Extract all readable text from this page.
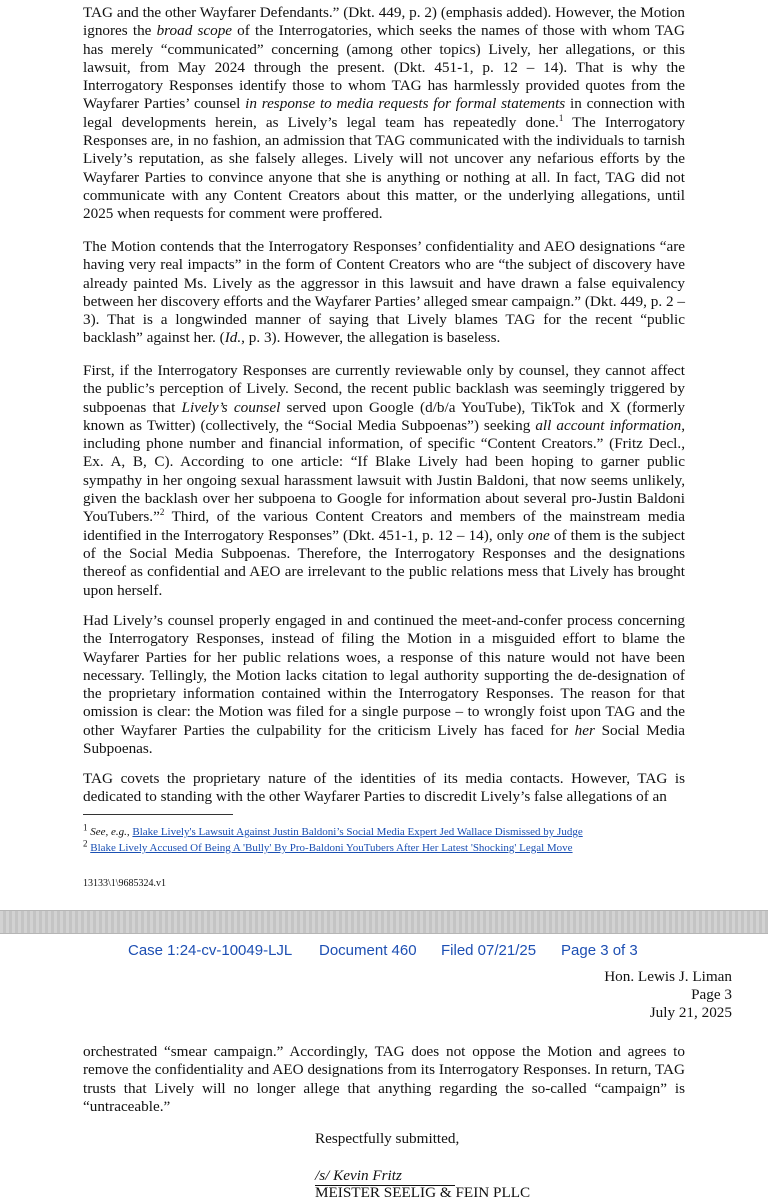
TAG and the other Wayfarer Defendants.” (Dkt. 449, p. 2) (emphasis added). However, the Motion ignores the broad scope of the Interrogatories, which seeks the names of those with whom TAG has merely “communicated” concerning (among other topics) Lively, her allegations, or this lawsuit, from May 2024 through the present. (Dkt. 451-1, p. 12 – 14). That is why the Interrogatory Responses identify those to whom TAG has harmlessly provided quotes from the Wayfarer Parties’ counsel in response to media requests for formal statements in connection with legal developments herein, as Lively’s legal team has repeatedly done.$^1$ The Interrogatory Responses are, in no fashion, an admission that TAG communicated with the individuals to tarnish Lively’s reputation, as she falsely alleges. Lively will not uncover any nefarious efforts by the Wayfarer Parties to convince anyone that she is anything or nothing at all. In fact, TAG did not communicate with any Content Creators about this matter, or the underlying allegations, until 2025 when requests for comment were proffered.

The Motion contends that the Interrogatory Responses’ confidentiality and AEO designations “are having very real impacts” in the form of Content Creators who are “the subject of discovery have already painted Ms. Lively as the aggressor in this lawsuit and have drawn a false equivalency between her discovery efforts and the Wayfarer Parties’ alleged smear campaign.” (Dkt. 449, p. 2 – 3). That is a longwinded manner of saying that Lively blames TAG for the recent “public backlash” against her. (Id., p. 3). However, the allegation is baseless.

First, if the Interrogatory Responses are currently reviewable only by counsel, they cannot affect the public’s perception of Lively. Second, the recent public backlash was seemingly triggered by subpoenas that Lively’s counsel served upon Google (d/b/a YouTube), TikTok and X (formerly known as Twitter) (collectively, the “Social Media Subpoenas”) seeking all account information, including phone number and financial information, of specific “Content Creators.” (Fritz Decl., Ex. A, B, C). According to one article: “If Blake Lively had been hoping to garner public sympathy in her ongoing sexual harassment lawsuit with Justin Baldoni, that now seems unlikely, given the backlash over her subpoena to Google for information about several pro-Justin Baldoni YouTubers.”$^2$ Third, of the various Content Creators and members of the mainstream media identified in the Interrogatory Responses” (Dkt. 451-1, p. 12 – 14), only one of them is the subject of the Social Media Subpoenas. Therefore, the Interrogatory Responses and the designations thereof as confidential and AEO are irrelevant to the public relations mess that Lively has brought upon herself.

Had Lively’s counsel properly engaged in and continued the meet-and-confer process concerning the Interrogatory Responses, instead of filing the Motion in a misguided effort to blame the Wayfarer Parties for her public relations woes, a response of this nature would not have been necessary. Tellingly, the Motion lacks citation to legal authority supporting the de-designation of the proprietary information contained within the Interrogatory Responses. The reason for that omission is clear: the Motion was filed for a single purpose – to wrongly foist upon TAG and the other Wayfarer Parties the culpability for the criticism Lively has faced for her Social Media Subpoenas.

TAG covets the proprietary nature of the identities of its media contacts. However, TAG is dedicated to standing with the other Wayfarer Parties to discredit Lively’s false allegations of an

$^1$ See, e.g., Blake Lively's Lawsuit Against Justin Baldoni’s Social Media Expert Jed Wallace Dismissed by Judge
$^2$ Blake Lively Accused Of Being A 'Bully' By Pro-Baldoni YouTubers After Her Latest 'Shocking' Legal Move
13133\1\9685324.v1
Case 1:24-cv-10049-LJL Document 460 Filed 07/21/25 Page 3 of 3
Hon. Lewis J. Liman
Page 3
July 21, 2025

orchestrated “smear campaign.” Accordingly, TAG does not oppose the Motion and agrees to remove the confidentiality and AEO designations from its Interrogatory Responses. In return, TAG trusts that Lively will no longer allege that anything regarding the so-called “campaign” is “untraceable.”

Respectfully submitted,
/s/ Kevin Fritz
MEISTER SEELIG & FEIN PLLC
